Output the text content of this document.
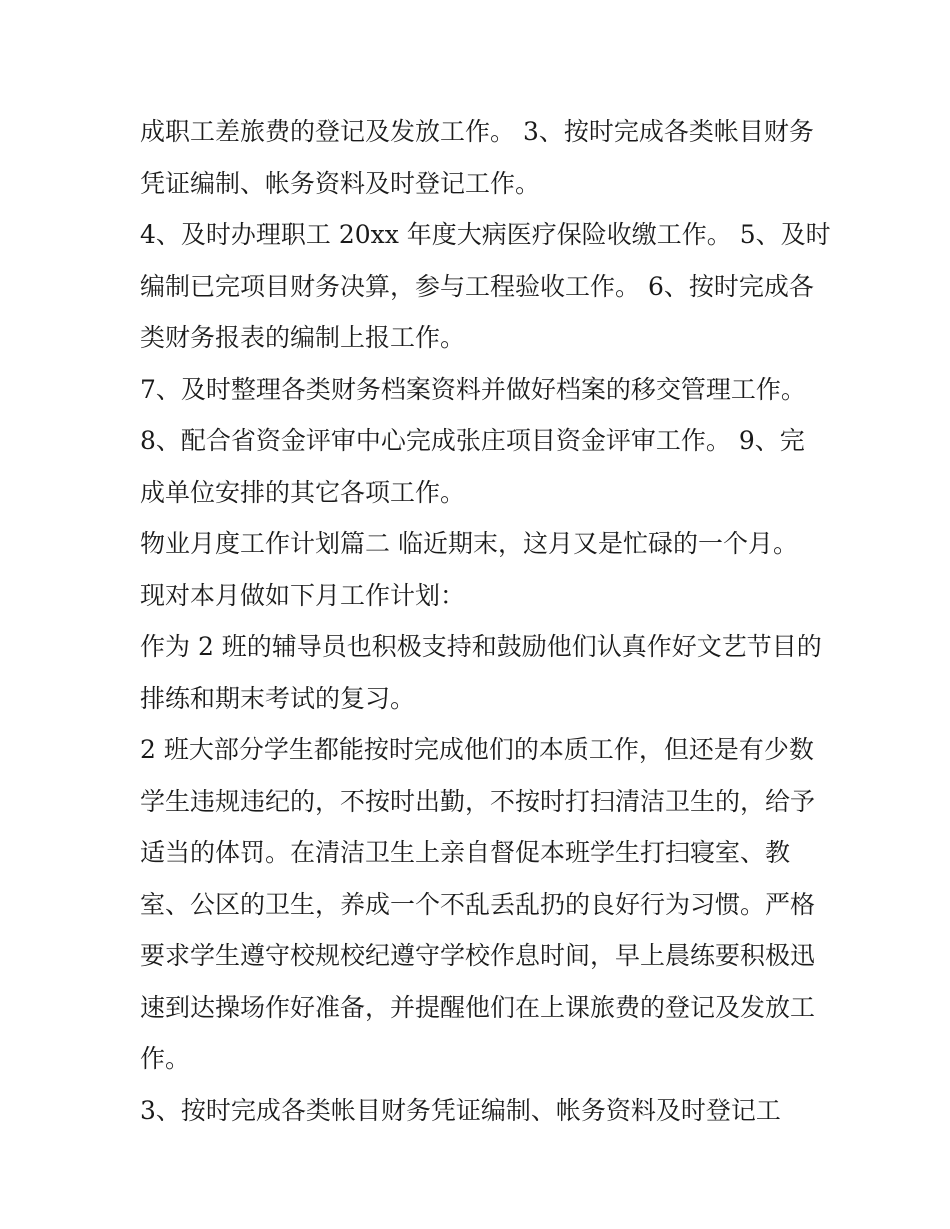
成职工差旅费的登记及发放工作。 3、按时完成各类帐目财务
凭证编制、帐务资料及时登记工作。
4、及时办理职工 20xx 年度大病医疗保险收缴工作。 5、及时
编制已完项目财务决算，参与工程验收工作。 6、按时完成各
类财务报表的编制上报工作。
7、及时整理各类财务档案资料并做好档案的移交管理工作。
8、配合省资金评审中心完成张庄项目资金评审工作。 9、完
成单位安排的其它各项工作。
物业月度工作计划篇二 临近期末，这月又是忙碌的一个月。
现对本月做如下月工作计划：
作为 2 班的辅导员也积极支持和鼓励他们认真作好文艺节目的
排练和期末考试的复习。
2 班大部分学生都能按时完成他们的本质工作，但还是有少数
学生违规违纪的，不按时出勤，不按时打扫清洁卫生的，给予
适当的体罚。在清洁卫生上亲自督促本班学生打扫寝室、教
室、公区的卫生，养成一个不乱丢乱扔的良好行为习惯。严格
要求学生遵守校规校纪遵守学校作息时间，早上晨练要积极迅
速到达操场作好准备，并提醒他们在上课旅费的登记及发放工
作。
3、按时完成各类帐目财务凭证编制、帐务资料及时登记工
